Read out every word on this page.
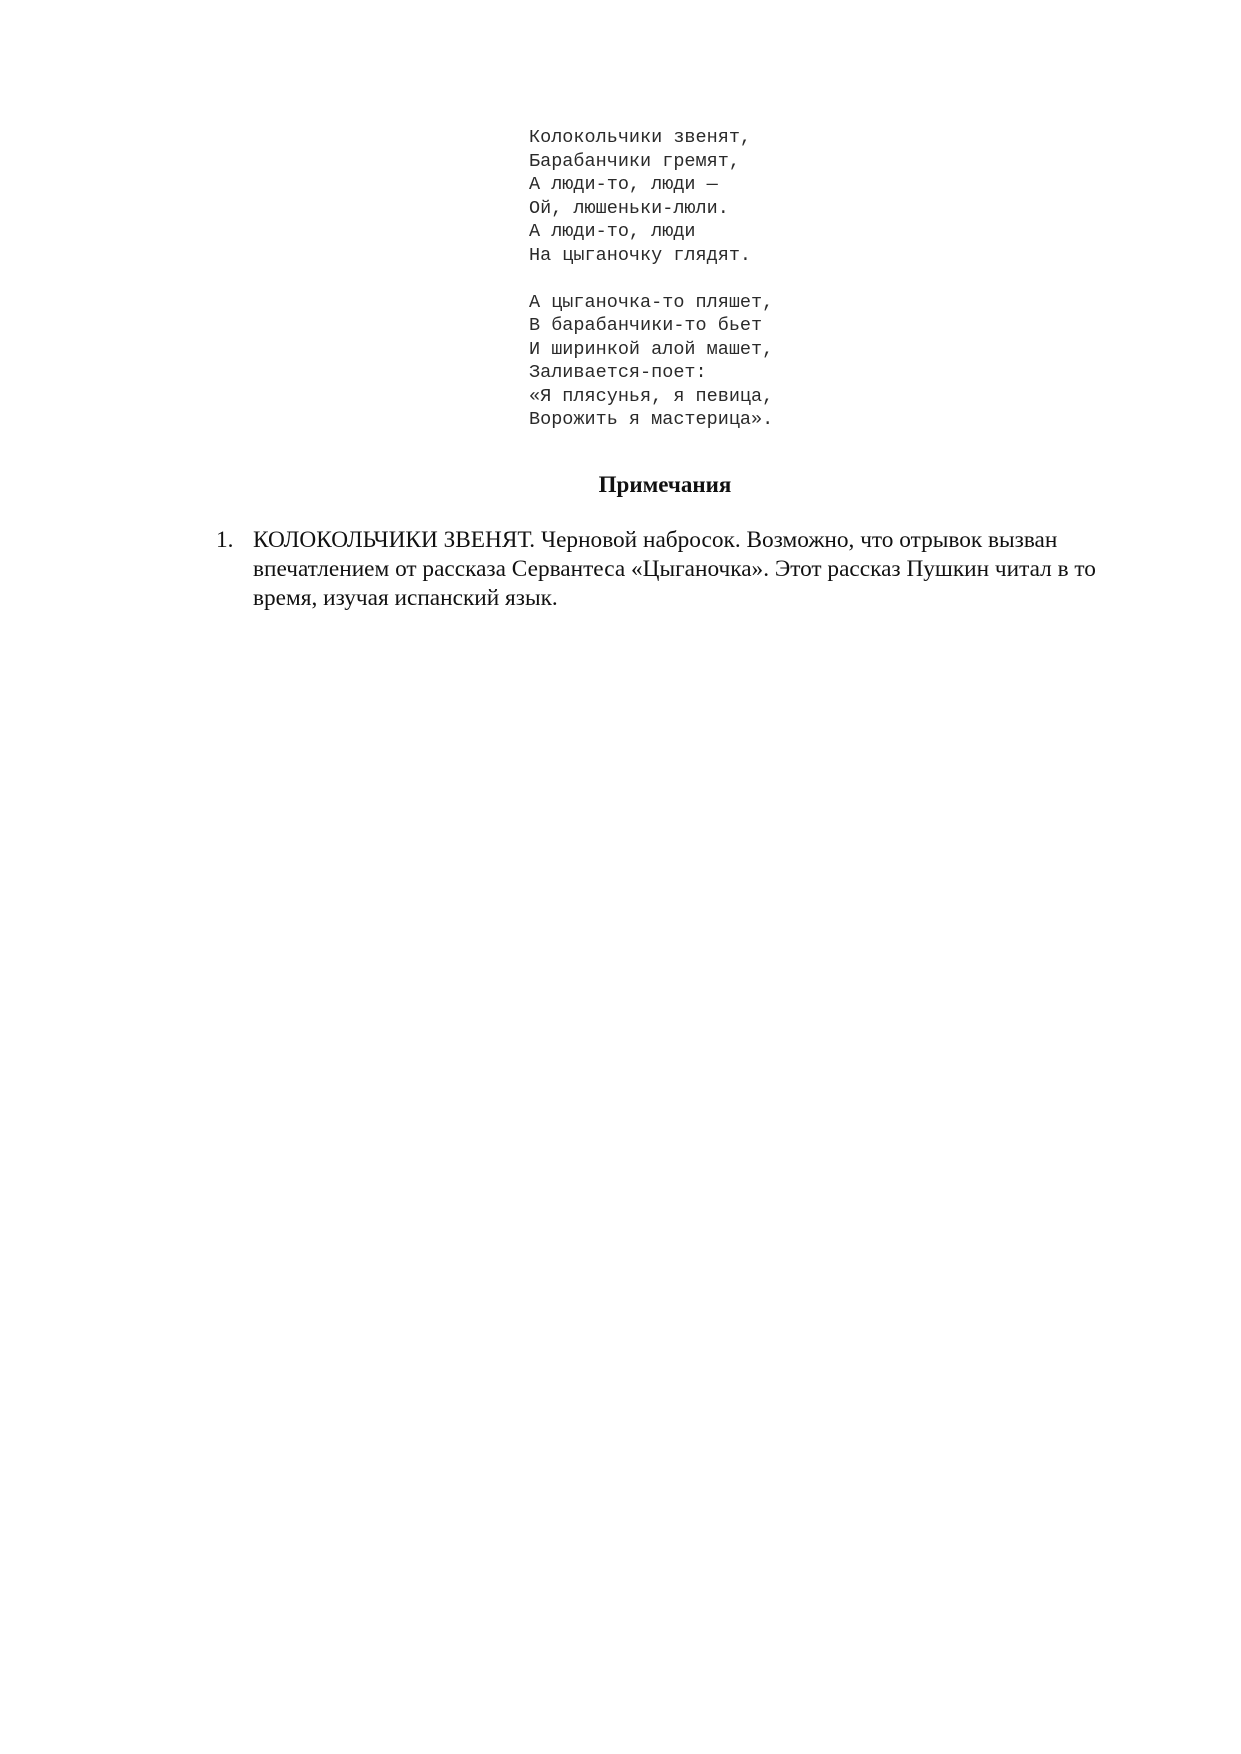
Колокольчики звенят,
Барабанчики гремят,
А люди-то, люди —
Ой, люшеньки-люли.
А люди-то, люди
На цыганочку глядят.
А цыганочка-то пляшет,
В барабанчики-то бьет
И ширинкой алой машет,
Заливается-поет:
«Я плясунья, я певица,
Ворожить я мастерица».
Примечания
1. КОЛОКОЛЬЧИКИ ЗВЕНЯТ. Черновой набросок. Возможно, что отрывок вызван впечатлением от рассказа Сервантеса «Цыганочка». Этот рассказ Пушкин читал в то время, изучая испанский язык.
